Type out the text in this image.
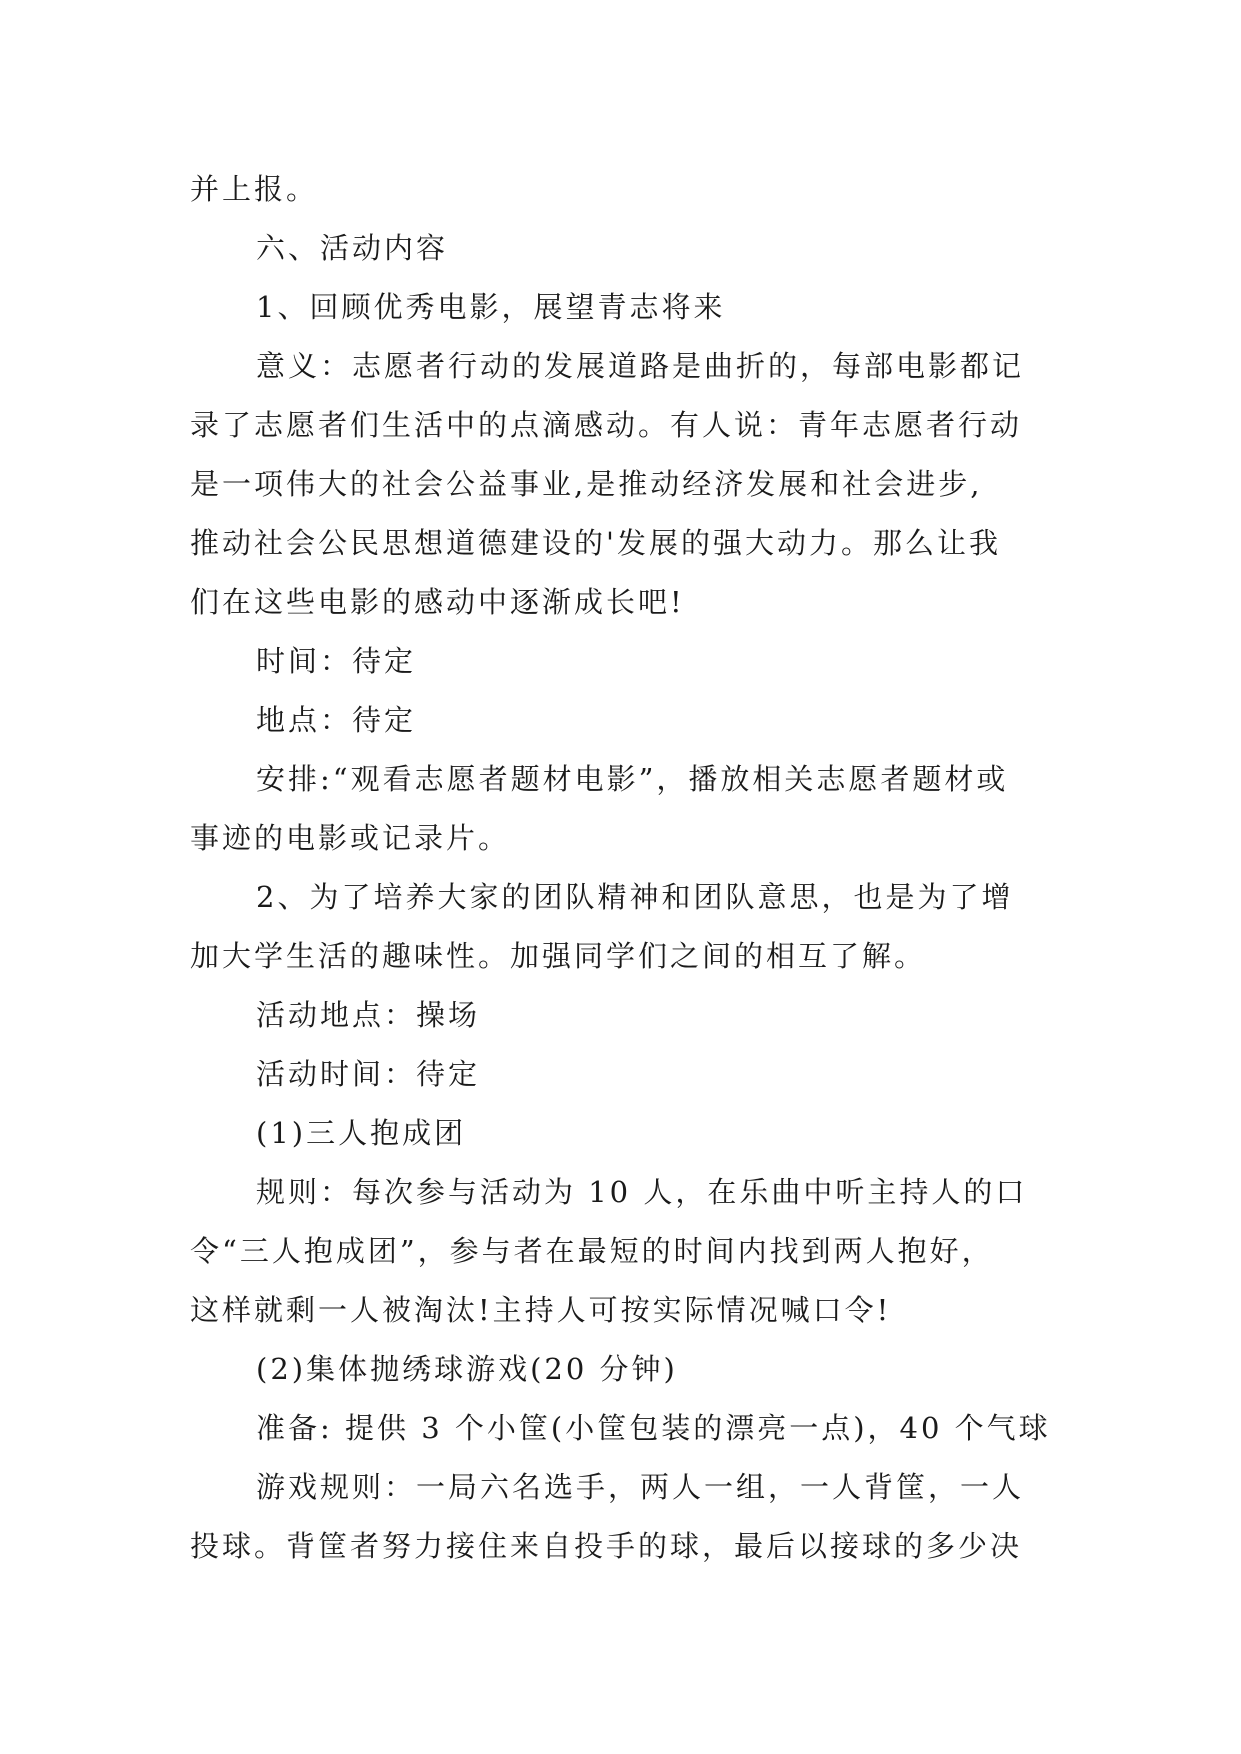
并上报。

六、活动内容

1、回顾优秀电影，展望青志将来

意义：志愿者行动的发展道路是曲折的，每部电影都记

录了志愿者们生活中的点滴感动。有人说：青年志愿者行动

是一项伟大的社会公益事业,是推动经济发展和社会进步,

推动社会公民思想道德建设的'发展的强大动力。那么让我

们在这些电影的感动中逐渐成长吧!

时间：待定

地点：待定

安排:“观看志愿者题材电影”，播放相关志愿者题材或

事迹的电影或记录片。

2、为了培养大家的团队精神和团队意思，也是为了增

加大学生活的趣味性。加强同学们之间的相互了解。

活动地点：操场

活动时间：待定

(1)三人抱成团

规则：每次参与活动为 10 人，在乐曲中听主持人的口

令“三人抱成团”，参与者在最短的时间内找到两人抱好，

这样就剩一人被淘汰!主持人可按实际情况喊口令!

(2)集体抛绣球游戏(20 分钟)

准备: 提供 3 个小筐(小筐包装的漂亮一点)，40 个气球

游戏规则：一局六名选手，两人一组，一人背筐，一人

投球。背筐者努力接住来自投手的球，最后以接球的多少决
